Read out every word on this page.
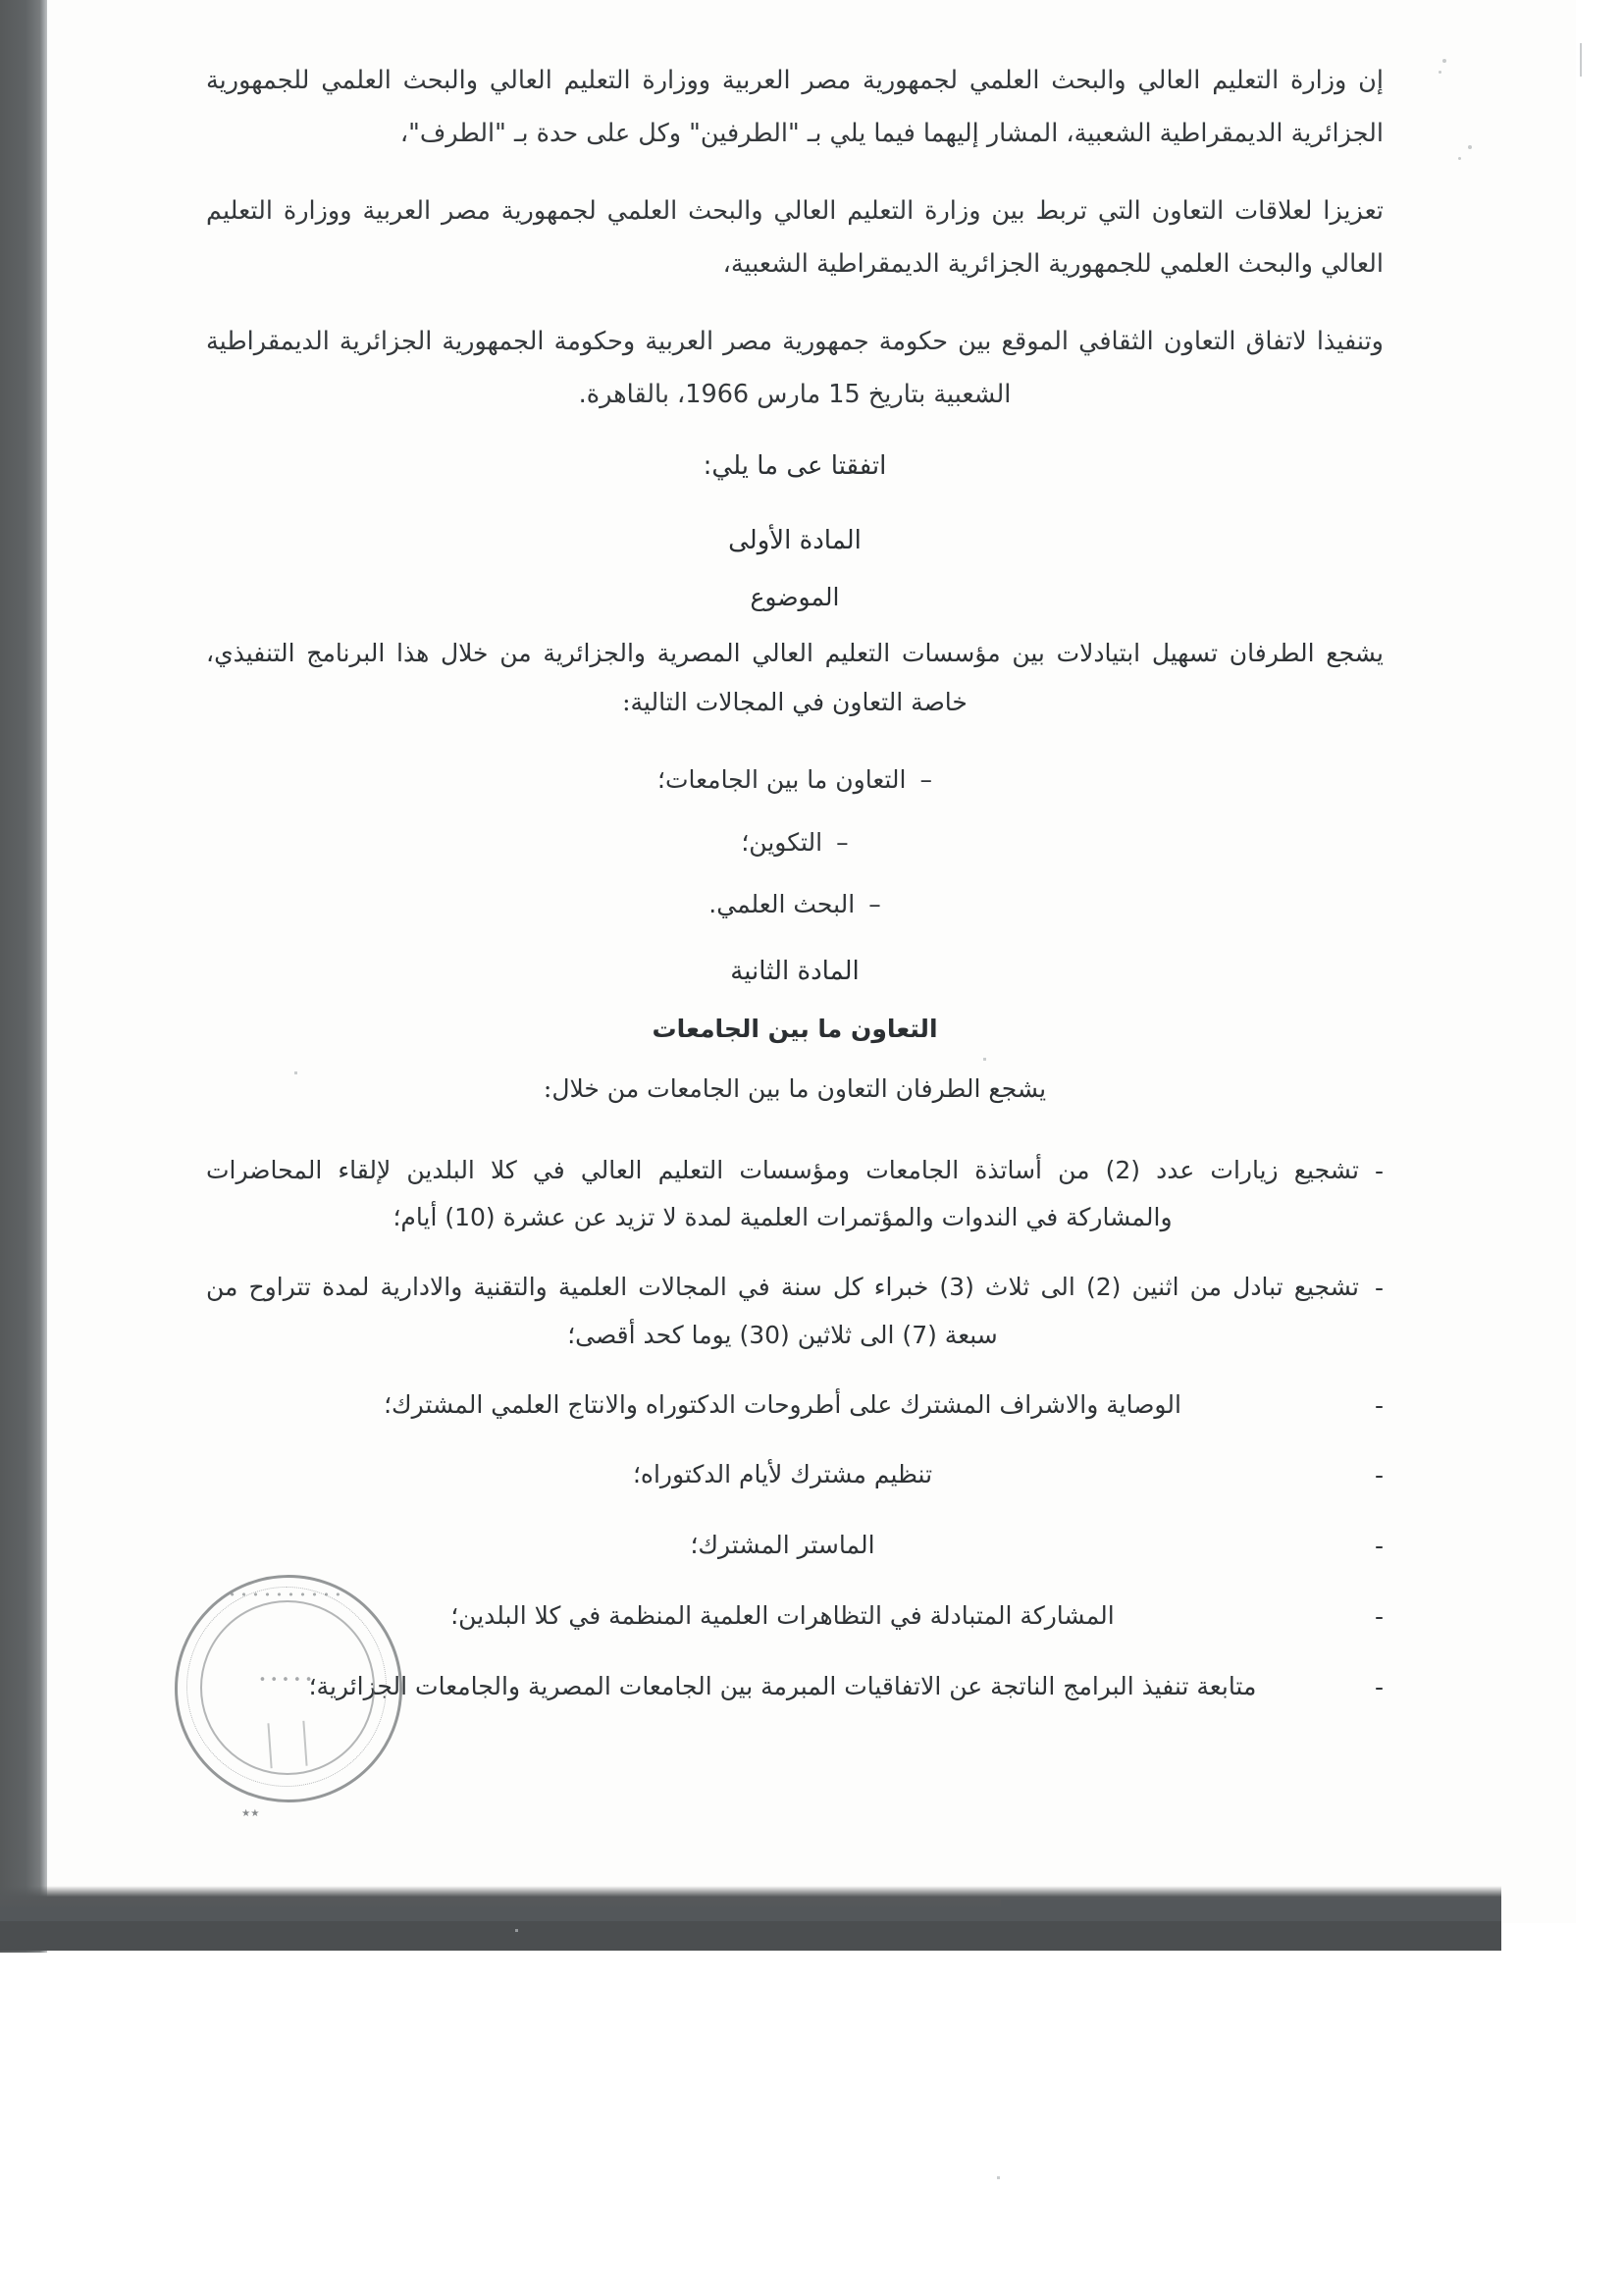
إن وزارة التعليم العالي والبحث العلمي لجمهورية مصر العربية ووزارة التعليم العالي والبحث العلمي للجمهورية الجزائرية الديمقراطية الشعبية، المشار إليهما فيما يلي بـ "الطرفين" وكل على حدة بـ "الطرف"،

تعزيزا لعلاقات التعاون التي تربط بين وزارة التعليم العالي والبحث العلمي لجمهورية مصر العربية ووزارة التعليم العالي والبحث العلمي للجمهورية الجزائرية الديمقراطية الشعبية،

وتنفيذا لاتفاق التعاون الثقافي الموقع بين حكومة جمهورية مصر العربية وحكومة الجمهورية الجزائرية الديمقراطية الشعبية بتاريخ 15 مارس 1966، بالقاهرة.

اتفقتا عى ما يلي:

المادة الأولى

الموضوع

يشجع الطرفان تسهيل ابتيادلات بين مؤسسات التعليم العالي المصرية والجزائرية من خلال هذا البرنامج التنفيذي، خاصة التعاون في المجالات التالية:

–التعاون ما بين الجامعات؛
–التكوين؛
–البحث العلمي.

المادة الثانية

التعاون ما بين الجامعات

يشجع الطرفان التعاون ما بين الجامعات من خلال:

-
تشجيع زيارات عدد (2) من أساتذة الجامعات ومؤسسات التعليم العالي في كلا البلدين لإلقاء المحاضرات والمشاركة في الندوات والمؤتمرات العلمية لمدة لا تزيد عن عشرة (10) أيام؛
-
تشجيع تبادل من اثنين (2) الى ثلاث (3) خبراء كل سنة في المجالات العلمية والتقنية والادارية لمدة تتراوح من سبعة (7) الى ثلاثين (30) يوما كحد أقصى؛
-
الوصاية والاشراف المشترك على أطروحات الدكتوراه والانتاج العلمي المشترك؛
-
تنظيم مشترك لأيام الدكتوراه؛
-
الماستر المشترك؛
-
المشاركة المتبادلة في التظاهرات العلمية المنظمة في كلا البلدين؛
-
متابعة تنفيذ البرامج الناتجة عن الاتفاقيات المبرمة بين الجامعات المصرية والجامعات الجزائرية؛
• • • • • • • • • •
• • • • •
٭٭
